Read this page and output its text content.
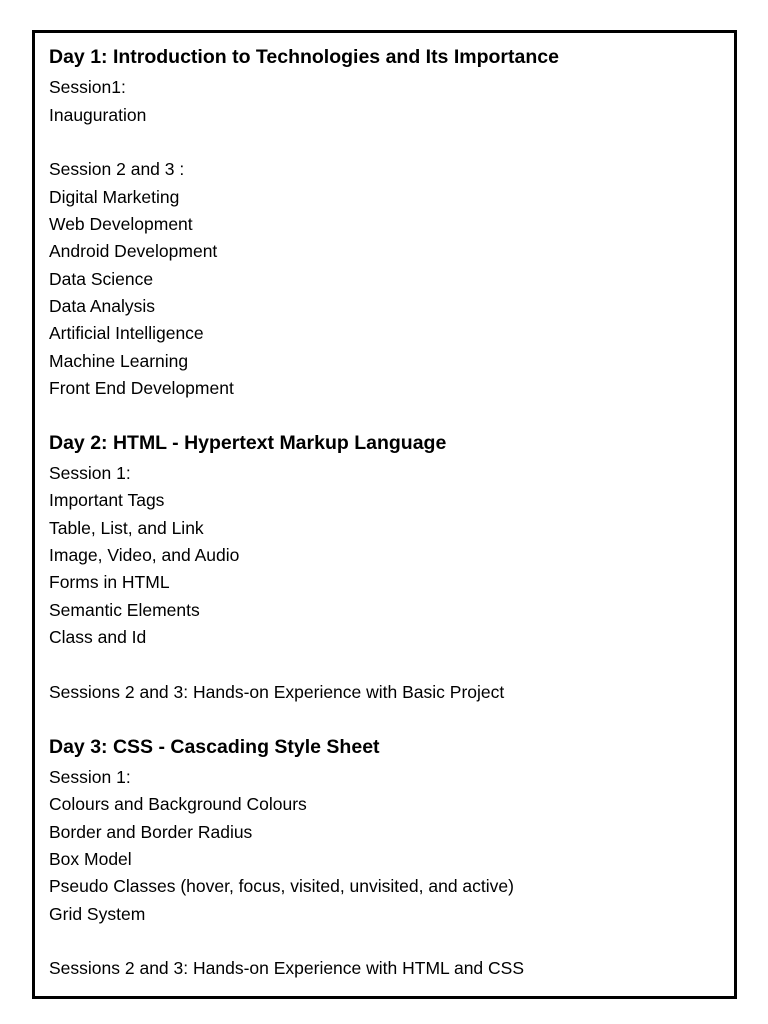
Day 1: Introduction to Technologies and Its Importance
Session1:
Inauguration
Session 2 and 3 :
Digital Marketing
Web Development
Android Development
Data Science
Data Analysis
Artificial Intelligence
Machine Learning
Front End Development
Day 2: HTML - Hypertext Markup Language
Session 1:
Important Tags
Table, List, and Link
Image, Video, and Audio
Forms in HTML
Semantic Elements
Class and Id
Sessions 2 and 3: Hands-on Experience with Basic Project
Day 3: CSS - Cascading Style Sheet
Session 1:
Colours and Background Colours
Border and Border Radius
Box Model
Pseudo Classes (hover, focus, visited, unvisited, and active)
Grid System
Sessions 2 and 3: Hands-on Experience with HTML and CSS
